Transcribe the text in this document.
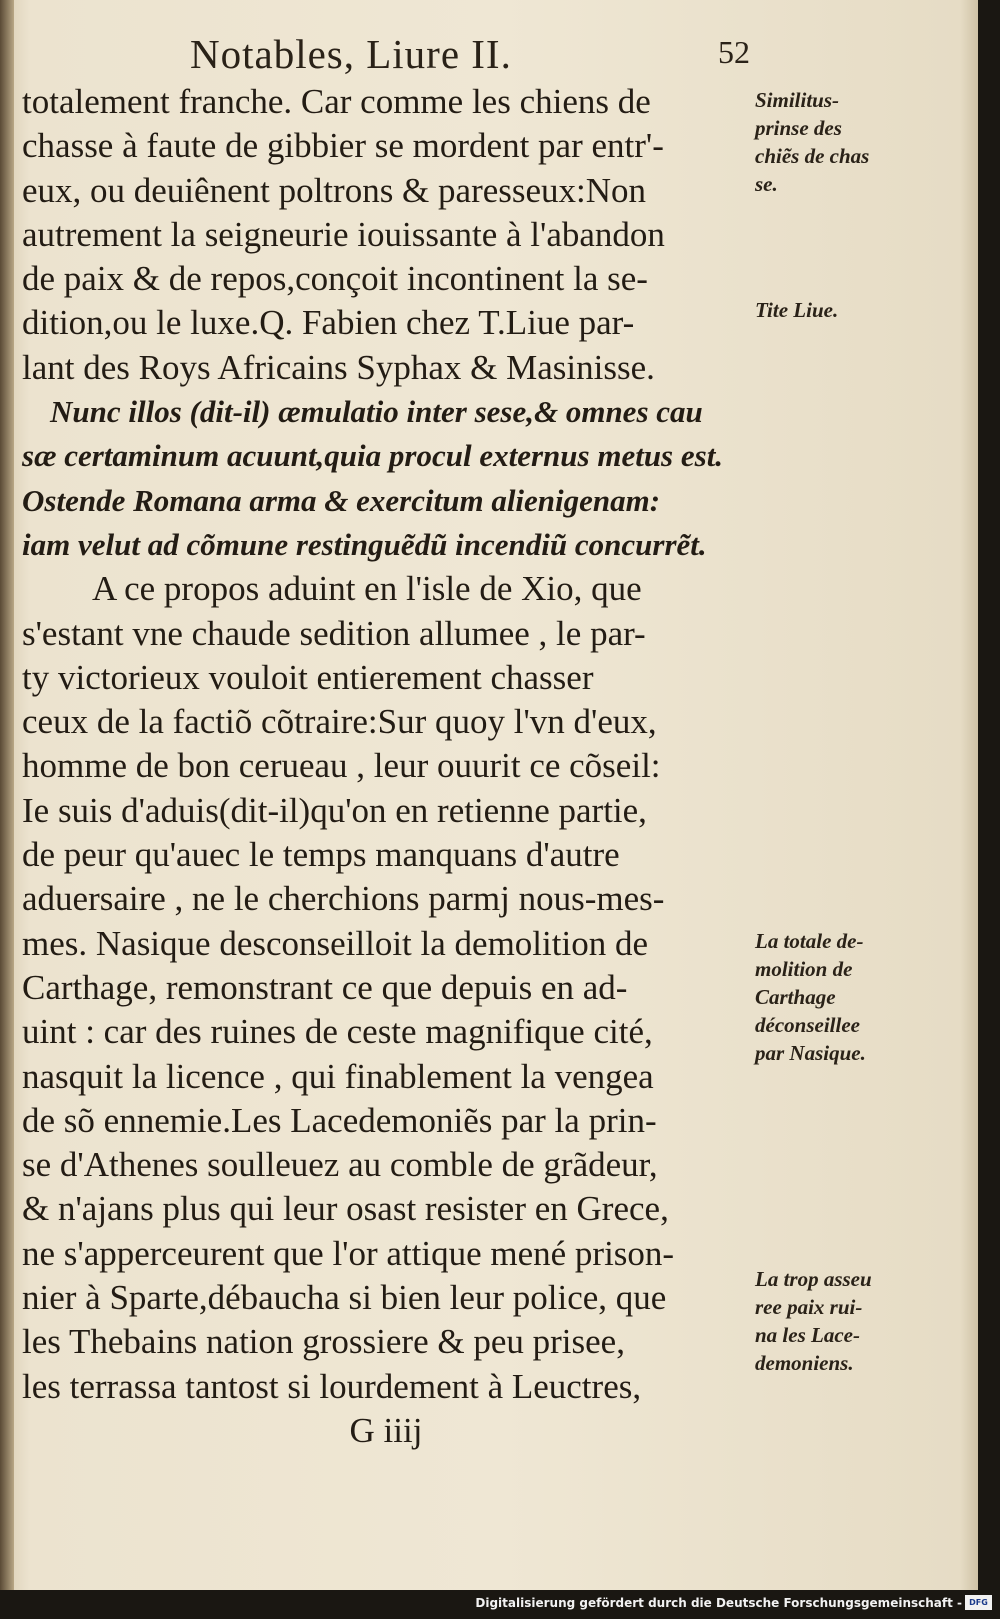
Notables, Liure II.	52
totalement franche. Car comme les chiens de
chasse à faute de gibbier se mordent par entr'-
eux, ou deuiênent poltrons & paresseux:Non
autrement la seigneurie iouissante à l'abandon
de paix & de repos,conçoit incontinent la se-
dition,ou le luxe.Q. Fabien chez T.Liue par-
lant des Roys Africains Syphax & Masinisse.
Nunc illos (dit-il) æmulatio inter sese,& omnes cau
sæ certaminum acuunt,quia procul externus metus est.
Ostende Romana arma & exercitum alienigenam:
iam velut ad cõmune restinguẽdũ incendiũ concurrẽt.
A ce propos aduint en l'isle de Xio, que
s'estant vne chaude sedition allumee , le par-
ty victorieux vouloit entierement chasser
ceux de la factiõ cõtraire:Sur quoy l'vn d'eux,
homme de bon cerueau , leur ouurit ce cõseil:
Ie suis d'aduis(dit-il)qu'on en retienne partie,
de peur qu'auec le temps manquans d'autre
aduersaire , ne le cherchions parmj nous-mes-
mes. Nasique desconseilloit la demolition de
Carthage, remonstrant ce que depuis en ad-
uint : car des ruines de ceste magnifique cité,
nasquit la licence , qui finablement la vengea
de sõ ennemie.Les Lacedemoniẽs par la prin-
se d'Athenes soulleuez au comble de grãdeur,
& n'ajans plus qui leur osast resister en Grece,
ne s'apperceurent que l'or attique mené prison-
nier à Sparte,débaucha si bien leur police, que
les Thebains nation grossiere & peu prisee,
les terrassa tantost si lourdement à Leuctres,
G iiij
Similitus-
prinse des
chiẽs de chas
se.
Tite Liue.
La totale de-
molition de
Carthage
déconseillee
par Nasique.
La trop asseu
ree paix rui-
na les Lace-
demoniens.
Digitalisierung gefördert durch die Deutsche Forschungsgemeinschaft - DFG
